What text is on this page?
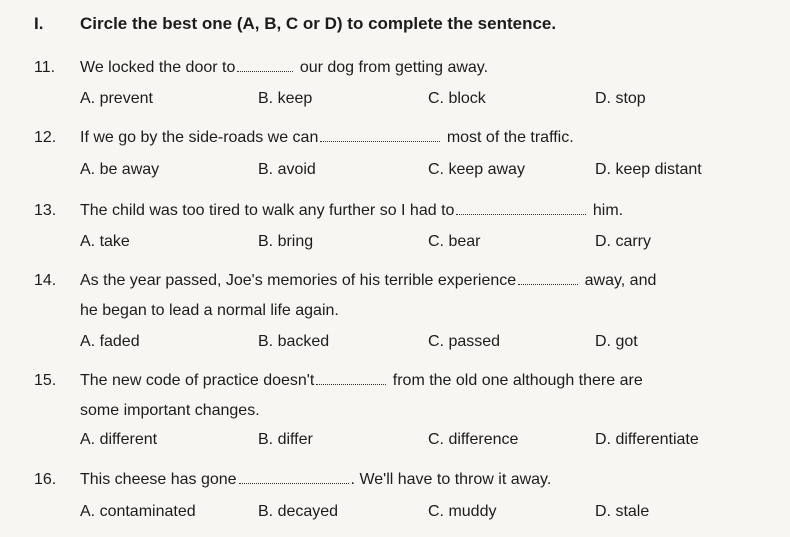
I. Circle the best one (A, B, C or D) to complete the sentence.
11. We locked the door to	our dog from getting away.
A. prevent	B. keep	C. block	D. stop
12. If we go by the side-roads we can	most of the traffic.
A. be away	B. avoid	C. keep away	D. keep distant
13. The child was too tired to walk any further so I had to	him.
A. take	B. bring	C. bear	D. carry
14. As the year passed, Joe's memories of his terrible experience	away, and
he began to lead a normal life again.
A. faded	B. backed	C. passed	D. got
15. The new code of practice doesn't	from the old one although there are
some important changes.
A. different	B. differ	C. difference	D. differentiate
16. This cheese has gone	. We'll have to throw it away.
A. contaminated	B. decayed	C. muddy	D. stale
